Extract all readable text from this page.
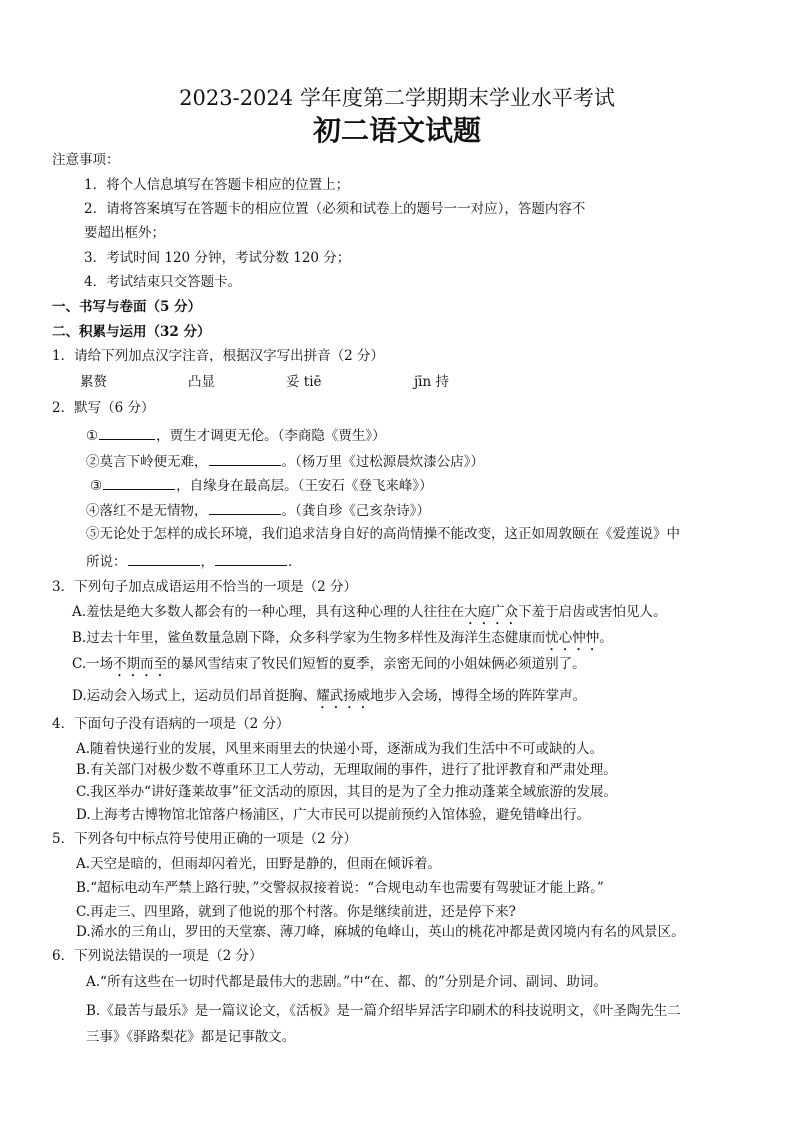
2023-2024 学年度第二学期期末学业水平考试
初二语文试题
注意事项：
1．将个人信息填写在答题卡相应的位置上；
2．请将答案填写在答题卡的相应位置（必须和试卷上的题号一一对应），答题内容不
要超出框外；
3．考试时间 120 分钟，考试分数 120 分；
4．考试结束只交答题卡。
一、书写与卷面（5 分）
二、积累与运用（32 分）
1．请给下列加点汉字注音，根据汉字写出拼音（2 分）
累赘	凸显	妥 tiē	jīn 持
2．默写（6 分）
①	，贾生才调更无伦。（李商隐《贾生》）
②莫言下岭便无难，	。（杨万里《过松源晨炊漆公店》）
③	，自缘身在最高层。（王安石《登飞来峰》）
④落红不是无情物，	。（龚自珍《己亥杂诗》）
⑤无论处于怎样的成长环境，我们追求洁身自好的高尚情操不能改变，这正如周敦颐在《爱莲说》中
所说：	，	．
3．下列句子加点成语运用不恰当的一项是（2 分）
A.羞怯是绝大多数人都会有的一种心理，具有这种心理的人往往在大庭广众下羞于启齿或害怕见人。
B.过去十年里，鲨鱼数量急剧下降，众多科学家为生物多样性及海洋生态健康而忧心忡忡。
C.一场不期而至的暴风雪结束了牧民们短暂的夏季，亲密无间的小姐妹俩必须道别了。
D.运动会入场式上，运动员们昂首挺胸、耀武扬威地步入会场，博得全场的阵阵掌声。
4．下面句子没有语病的一项是（2 分）
A.随着快递行业的发展，风里来雨里去的快递小哥，逐渐成为我们生活中不可或缺的人。
B.有关部门对极少数不尊重环卫工人劳动，无理取闹的事件，进行了批评教育和严肃处理。
C.我区举办“讲好蓬莱故事”征文活动的原因，其目的是为了全力推动蓬莱全域旅游的发展。
D.上海考古博物馆北馆落户杨浦区，广大市民可以提前预约入馆体验，避免错峰出行。
5．下列各句中标点符号使用正确的一项是（2 分）
A.天空是暗的，但雨却闪着光，田野是静的，但雨在倾诉着。
B.“超标电动车严禁上路行驶，”交警叔叔接着说：“合规电动车也需要有驾驶证才能上路。”
C.再走三、四里路，就到了他说的那个村落。你是继续前进，还是停下来?
D.浠水的三角山，罗田的天堂寨、薄刀峰，麻城的龟峰山，英山的桃花冲都是黄冈境内有名的风景区。
6．下列说法错误的一项是（2 分）
A.“所有这些在一切时代都是最伟大的悲剧。”中“在、都、的”分别是介词、副词、助词。
B.《最苦与最乐》是一篇议论文，《活板》是一篇介绍毕昇活字印刷术的科技说明文，《叶圣陶先生二
三事》《驿路梨花》都是记事散文。
